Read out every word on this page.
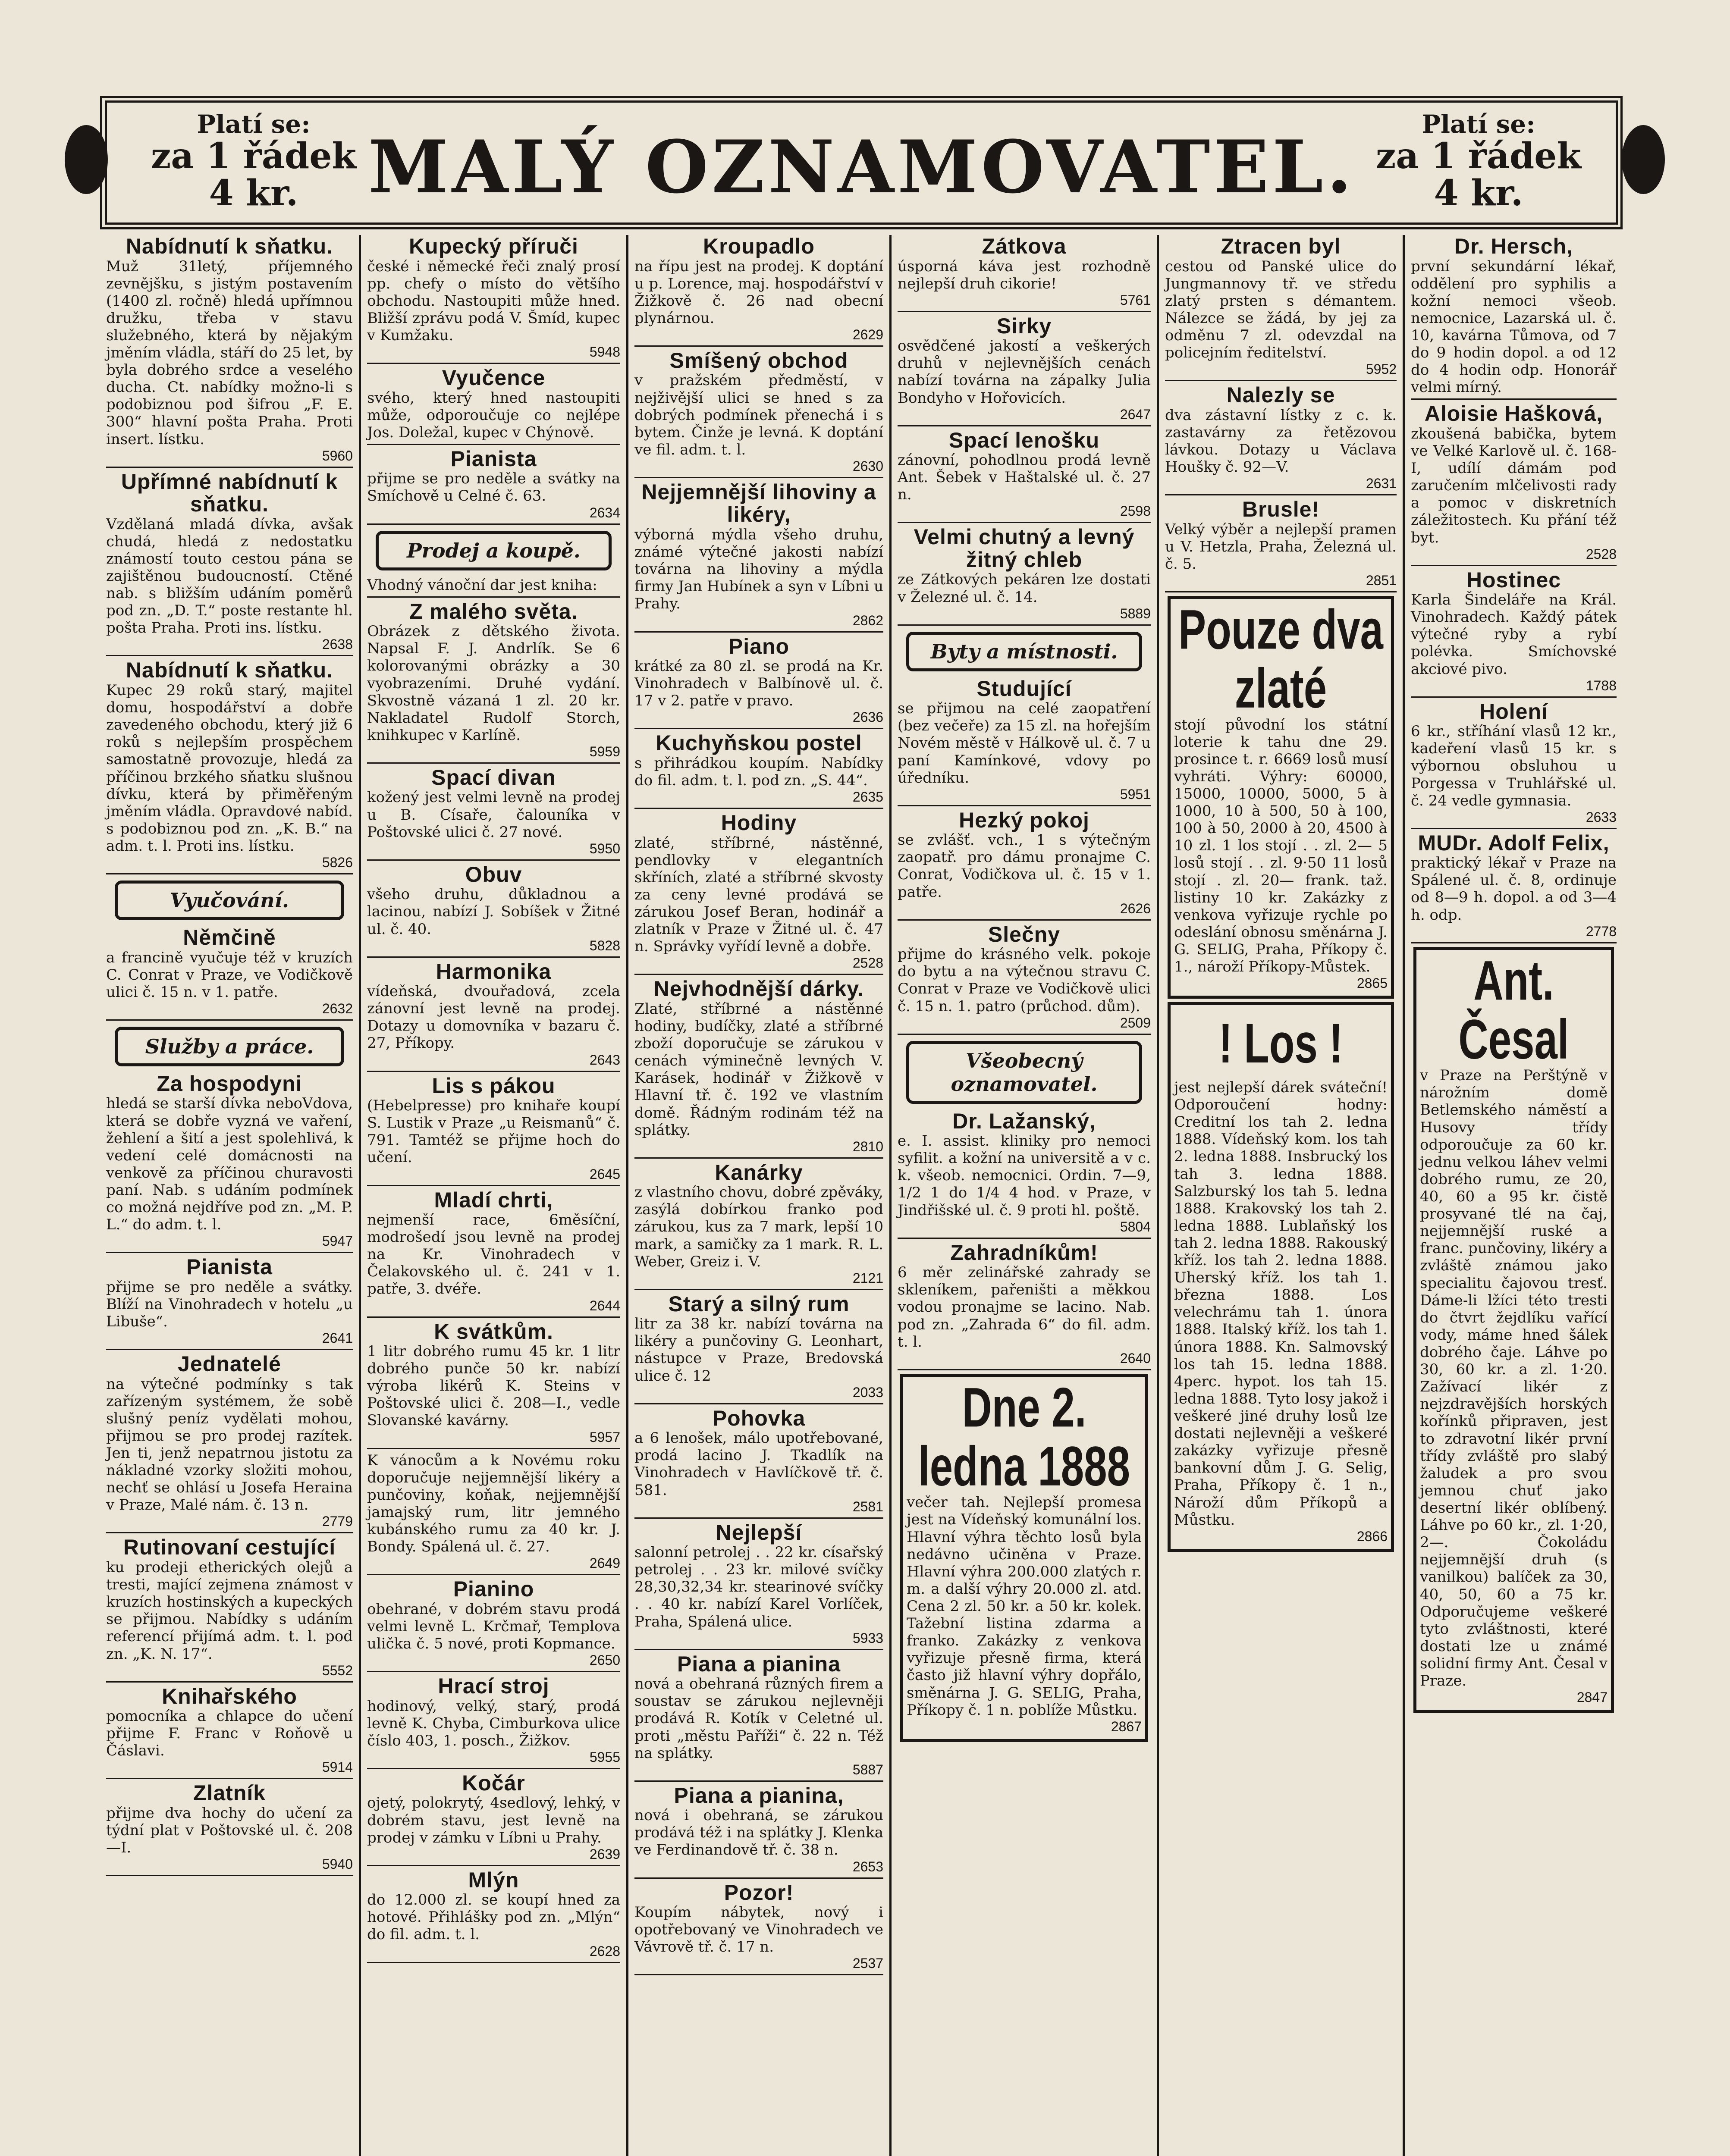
Platí se:
za 1 řádek 4 kr. MALÝ OZNAMOVATEL.	Platí se:
za 1 řádek 4 kr.
Nabídnutí k sňatku.
Muž 31letý, příjemného zevnějšku, s jistým postavením (1400 zl. ročně) hledá upřímnou družku, třeba v stavu služebného, která by nějakým jměním vládla, stáří do 25 let, by byla dobrého srdce a veselého ducha. Ct. nabídky možno-li s podobiznou pod šifrou „F. E. 300“ hlavní pošta Praha. Proti insert. lístku.
5960
Upřímné nabídnutí k sňatku.
Vzdělaná mladá dívka, avšak chudá, hledá z nedostatku známostí touto cestou pána se zajištěnou budoucností. Ctěné nab. s bližším udáním poměrů pod zn. „D. T.“ poste restante hl. pošta Praha. Proti ins. lístku.
2638
Nabídnutí k sňatku.
Kupec 29 roků starý, majitel domu, hospodářství a dobře zavedeného obchodu, který již 6 roků s nejlepším prospěchem samostatně provozuje, hledá za příčinou brzkého sňatku slušnou dívku, která by přiměřeným jměním vládla. Opravdové nabíd. s podobiznou pod zn. „K. B.“ na adm. t. l. Proti ins. lístku.
5826
Vyučování.
Němčině
a francině vyučuje též v kruzích C. Conrat v Praze, ve Vodičkově ulici č. 15 n. v 1. patře.
2632
Služby a práce.
Za hospodyni
hledá se starší dívka neboVdova, která se dobře vyzná ve vaření, žehlení a šití a jest spolehlivá, k vedení celé domácnosti na venkově za příčinou churavosti paní. Nab. s udáním podmínek co možná nejdříve pod zn. „M. P. L.“ do adm. t. l.
5947
Pianista
přijme se pro neděle a svátky. Blíží na Vinohradech v hotelu „u Libuše“.
2641
Jednatelé
na výtečné podmínky s tak zařízeným systémem, že sobě slušný peníz vydělati mohou, přijmou se pro prodej razítek. Jen ti, jenž nepatrnou jistotu za nákladné vzorky složiti mohou, nechť se ohlásí u Josefa Heraina v Praze, Malé nám. č. 13 n.
2779
Rutinovaní cestující
ku prodeji etherických olejů a tresti, mající zejmena známost v kruzích hostinských a kupeckých se přijmou. Nabídky s udáním referencí přijímá adm. t. l. pod zn. „K. N. 17“.
5552
Knihařského
pomocníka a chlapce do učení přijme F. Franc v Roňově u Čáslavi.
5914
Zlatník
přijme dva hochy do učení za týdní plat v Poštovské ul. č. 208—I.
5940
Kupecký příruči
české i německé řeči znalý prosí pp. chefy o místo do většího obchodu. Nastoupiti může hned. Bližší zprávu podá V. Šmíd, kupec v Kumžaku.
5948
Vyučence
svého, který hned nastoupiti může, odporoučuje co nejlépe Jos. Doležal, kupec v Chýnově.
Pianista
přijme se pro neděle a svátky na Smíchově u Celné č. 63.
2634
Prodej a koupě.
Vhodný vánoční dar jest kniha:
Z malého světa.
Obrázek z dětského života. Napsal F. J. Andrlík. Se 6 kolorovanými obrázky a 30 vyobrazeními. Druhé vydání. Skvostně vázaná 1 zl. 20 kr. Nakladatel Rudolf Storch, knihkupec v Karlíně.
5959
Spací divan
kožený jest velmi levně na prodej u B. Císaře, čalouníka v Poštovské ulici č. 27 nové.
5950
Obuv
všeho druhu, důkladnou a lacinou, nabízí J. Sobíšek v Žitné ul. č. 40.
5828
Harmonika
vídeňská, dvouřadová, zcela zánovní jest levně na prodej. Dotazy u domovníka v bazaru č. 27, Příkopy.
2643
Lis s pákou
(Hebelpresse) pro knihaře koupí S. Lustik v Praze „u Reismanů“ č. 791. Tamtéž se přijme hoch do učení.
2645
Mladí chrti,
nejmenší race, 6měsíční, modrošedí jsou levně na prodej na Kr. Vinohradech v Čelakovského ul. č. 241 v 1. patře, 3. dvéře.
2644
K svátkům.
1 litr dobrého rumu 45 kr. 1 litr dobrého punče 50 kr. nabízí výroba likérů K. Steins v Poštovské ulici č. 208—I., vedle Slovanské kavárny.
5957
K vánocům a k Novému roku doporučuje nejjemnější likéry a punčoviny, koňak, nejjemnější jamajský rum, litr jemného kubánského rumu za 40 kr. J. Bondy. Spálená ul. č. 27.
2649
Pianino
obehrané, v dobrém stavu prodá velmi levně L. Krčmař, Templova ulička č. 5 nové, proti Kopmance.
2650
Hrací stroj
hodinový, velký, starý, prodá levně K. Chyba, Cimburkova ulice číslo 403, 1. posch., Žižkov.
5955
Kočár
ojetý, polokrytý, 4sedlový, lehký, v dobrém stavu, jest levně na prodej v zámku v Líbni u Prahy.
2639
Mlýn
do 12.000 zl. se koupí hned za hotové. Přihlášky pod zn. „Mlýn“ do fil. adm. t. l.
2628
Kroupadlo
na řípu jest na prodej. K doptání u p. Lorence, maj. hospodářství v Žižkově č. 26 nad obecní plynárnou.
2629
Smíšený obchod
v pražském předměstí, v nejživější ulici se hned s za dobrých podmínek přenechá i s bytem. Činže je levná. K doptání ve fil. adm. t. l.
2630
Nejjemnější lihoviny a likéry,
výborná mýdla všeho druhu, známé výtečné jakosti nabízí továrna na lihoviny a mýdla firmy Jan Hubínek a syn v Líbni u Prahy.
2862
Piano
krátké za 80 zl. se prodá na Kr. Vinohradech v Balbínově ul. č. 17 v 2. patře v pravo.
2636
Kuchyňskou postel
s přihrádkou koupím. Nabídky do fil. adm. t. l. pod zn. „S. 44“.
2635
Hodiny
zlaté, stříbrné, nástěnné, pendlovky v elegantních skříních, zlaté a stříbrné skvosty za ceny levné prodává se zárukou Josef Beran, hodinář a zlatník v Praze v Žitné ul. č. 47 n. Správky vyřídí levně a dobře.
2528
Nejvhodnější dárky.
Zlaté, stříbrné a nástěnné hodiny, budíčky, zlaté a stříbrné zboží doporučuje se zárukou v cenách výminečně levných V. Karásek, hodinář v Žižkově v Hlavní tř. č. 192 ve vlastním domě. Řádným rodinám též na splátky.
2810
Kanárky
z vlastního chovu, dobré zpěváky, zasýlá dobírkou franko pod zárukou, kus za 7 mark, lepší 10 mark, a samičky za 1 mark. R. L. Weber, Greiz i. V.
2121
Starý a silný rum
litr za 38 kr. nabízí továrna na likéry a punčoviny G. Leonhart, nástupce v Praze, Bredovská ulice č. 12
2033
Pohovka
a 6 lenošek, málo upotřebované, prodá lacino J. Tkadlík na Vinohradech v Havlíčkově tř. č. 581.
2581
Nejlepší
salonní petrolej . . 22 kr. císařský petrolej . . 23 kr. milové svíčky 28,30,32,34 kr. stearinové svíčky . . 40 kr. nabízí Karel Vorlíček, Praha, Spálená ulice.
5933
Piana a pianina
nová a obehraná různých firem a soustav se zárukou nejlevněji prodává R. Kotík v Celetné ul. proti „městu Paříži“ č. 22 n. Též na splátky.
5887
Piana a pianina,
nová i obehraná, se zárukou prodává též i na splátky J. Klenka ve Ferdinandově tř. č. 38 n.
2653
Pozor!
Koupím nábytek, nový i opotřebovaný ve Vinohradech ve Vávrově tř. č. 17 n.
2537
Zátkova
úsporná káva jest rozhodně nejlepší druh cikorie!
5761
Sirky
osvědčené jakostí a veškerých druhů v nejlevnějších cenách nabízí továrna na zápalky Julia Bondyho v Hořovicích.
2647
Spací lenošku
zánovní, pohodlnou prodá levně Ant. Šebek v Haštalské ul. č. 27 n.
2598
Velmi chutný a levný žitný chleb
ze Zátkových pekáren lze dostati v Železné ul. č. 14.
5889
Byty a místnosti.
Studující
se přijmou na celé zaopatření (bez večeře) za 15 zl. na hořejším Novém městě v Hálkově ul. č. 7 u paní Kamínkové, vdovy po úředníku.
5951
Hezký pokoj
se zvlášť. vch., 1 s výtečným zaopatř. pro dámu pronajme C. Conrat, Vodičkova ul. č. 15 v 1. patře.
2626
Slečny
přijme do krásného velk. pokoje do bytu a na výtečnou stravu C. Conrat v Praze ve Vodičkově ulici č. 15 n. 1. patro (průchod. dům).
2509
Všeobecný oznamovatel.
Dr. Lažanský,
e. I. assist. kliniky pro nemoci syfilit. a kožní na universitě a v c. k. všeob. nemocnici. Ordin. 7—9, 1/2 1 do 1/4 4 hod. v Praze, v Jindřišské ul. č. 9 proti hl. poště.
5804
Zahradníkům!
6 měr zelinářské zahrady se skleníkem, pařeništi a měkkou vodou pronajme se lacino. Nab. pod zn. „Zahrada 6“ do fil. adm. t. l.
2640
Dne 2. ledna 1888
večer tah. Nejlepší promesa jest na Vídeňský komunální los. Hlavní výhra těchto losů byla nedávno učiněna v Praze. Hlavní výhra 200.000 zlatých r. m. a další výhry 20.000 zl. atd. Cena 2 zl. 50 kr. a 50 kr. kolek. Tažební listina zdarma a franko. Zakázky z venkova vyřizuje přesně firma, která často již hlavní výhry dopřálo, směnárna J. G. SELIG, Praha, Příkopy č. 1 n. poblíže Můstku.
2867
Ztracen byl
cestou od Panské ulice do Jungmannovy tř. ve středu zlatý prsten s démantem. Nálezce se žádá, by jej za odměnu 7 zl. odevzdal na policejním ředitelství.
5952
Nalezly se
dva zástavní lístky z c. k. zastavárny za řetězovou lávkou. Dotazy u Václava Houšky č. 92—V.
2631
Brusle!
Velký výběr a nejlepší pramen u V. Hetzla, Praha, Železná ul. č. 5.
2851
Pouze dva zlaté
stojí původní los státní loterie k tahu dne 29. prosince t. r. 6669 losů musí vyhráti. Výhry: 60000, 15000, 10000, 5000, 5 à 1000, 10 à 500, 50 à 100, 100 à 50, 2000 à 20, 4500 à 10 zl. 1 los stojí . . zl. 2— 5 losů stojí . . zl. 9·50 11 losů stojí . zl. 20— frank. taž. listiny 10 kr. Zakázky z venkova vyřizuje rychle po odeslání obnosu směnárna J. G. SELIG, Praha, Příkopy č. 1., nároží Příkopy-Můstek.
2865
! Los !
jest nejlepší dárek sváteční! Odporoučení hodny: Creditní los tah 2. ledna 1888. Vídeňský kom. los tah 2. ledna 1888. Insbrucký los tah 3. ledna 1888. Salzburský los tah 5. ledna 1888. Krakovský los tah 2. ledna 1888. Lublaňský los tah 2. ledna 1888. Rakouský kříž. los tah 2. ledna 1888. Uherský kříž. los tah 1. března 1888. Los velechrámu tah 1. února 1888. Italský kříž. los tah 1. února 1888. Kn. Salmovský los tah 15. ledna 1888. 4perc. hypot. los tah 15. ledna 1888. Tyto losy jakož i veškeré jiné druhy losů lze dostati nejlevněji a veškeré zakázky vyřizuje přesně bankovní dům J. G. Selig, Praha, Příkopy č. 1 n., Nároží dům Příkopů a Můstku.
2866
Dr. Hersch,
první sekundární lékař, oddělení pro syphilis a kožní nemoci všeob. nemocnice, Lazarská ul. č. 10, kavárna Tůmova, od 7 do 9 hodin dopol. a od 12 do 4 hodin odp. Honorář velmi mírný.
Aloisie Hašková,
zkoušená babička, bytem ve Velké Karlově ul. č. 168-I, udílí dámám pod zaručením mlčelivosti rady a pomoc v diskretních záležitostech. Ku přání též byt.
2528
Hostinec
Karla Šindeláře na Král. Vinohradech. Každý pátek výtečné ryby a rybí polévka. Smíchovské akciové pivo.
1788
Holení
6 kr., stříhání vlasů 12 kr., kadeření vlasů 15 kr. s výbornou obsluhou u Porgessa v Truhlářské ul. č. 24 vedle gymnasia.
2633
MUDr. Adolf Felix,
praktický lékař v Praze na Spálené ul. č. 8, ordinuje od 8—9 h. dopol. a od 3—4 h. odp.
2778
Ant. Česal
v Praze na Perštýně v nárožním domě Betlemského náměstí a Husovy třídy odporoučuje za 60 kr. jednu velkou láhev velmi dobrého rumu, ze 20, 40, 60 a 95 kr. čistě prosyvané tlé na čaj, nejjemnější ruské a franc. punčoviny, likéry a zvláště známou jako specialitu čajovou tresť. Dáme-li lžíci této tresti do čtvrt žejdlíku vařící vody, máme hned šálek dobrého čaje. Láhve po 30, 60 kr. a zl. 1·20. Zažívací likér z nejzdravějších horských kořínků připraven, jest to zdravotní likér první třídy zvláště pro slabý žaludek a pro svou jemnou chuť jako desertní likér oblíbený. Láhve po 60 kr., zl. 1·20, 2—. Čokoládu nejjemnější druh (s vanilkou) balíček za 30, 40, 50, 60 a 75 kr. Odporučujeme veškeré tyto zvláštnosti, které dostati lze u známé solidní firmy Ant. Česal v Praze.
2847
